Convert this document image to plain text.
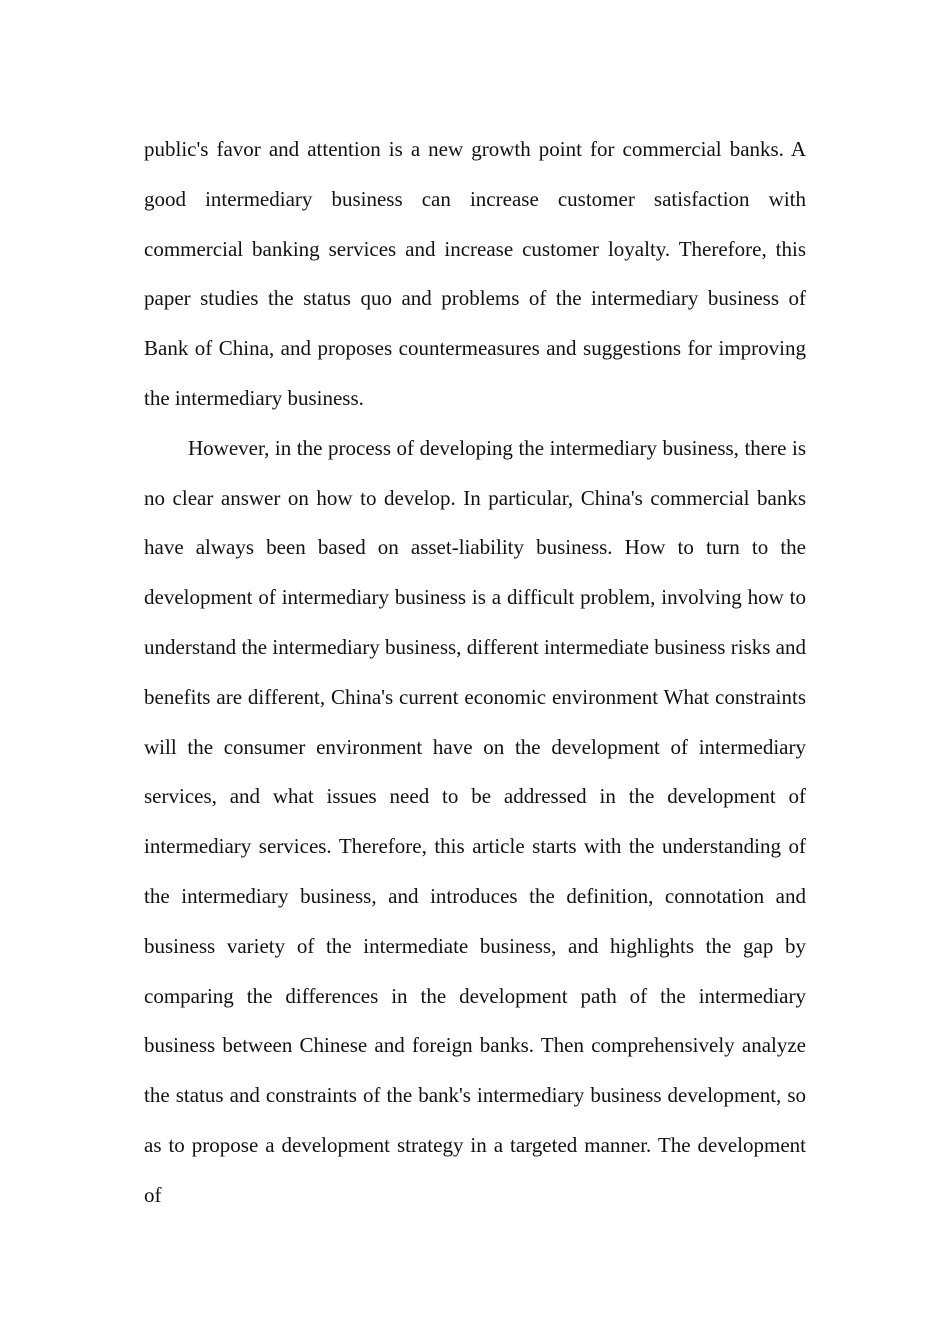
public's favor and attention is a new growth point for commercial banks. A good intermediary business can increase customer satisfaction with commercial banking services and increase customer loyalty. Therefore, this paper studies the status quo and problems of the intermediary business of Bank of China, and proposes countermeasures and suggestions for improving the intermediary business.

However, in the process of developing the intermediary business, there is no clear answer on how to develop. In particular, China's commercial banks have always been based on asset-liability business. How to turn to the development of intermediary business is a difficult problem, involving how to understand the intermediary business, different intermediate business risks and benefits are different, China's current economic environment What constraints will the consumer environment have on the development of intermediary services, and what issues need to be addressed in the development of intermediary services. Therefore, this article starts with the understanding of the intermediary business, and introduces the definition, connotation and business variety of the intermediate business, and highlights the gap by comparing the differences in the development path of the intermediary business between Chinese and foreign banks. Then comprehensively analyze the status and constraints of the bank's intermediary business development, so as to propose a development strategy in a targeted manner. The development of
